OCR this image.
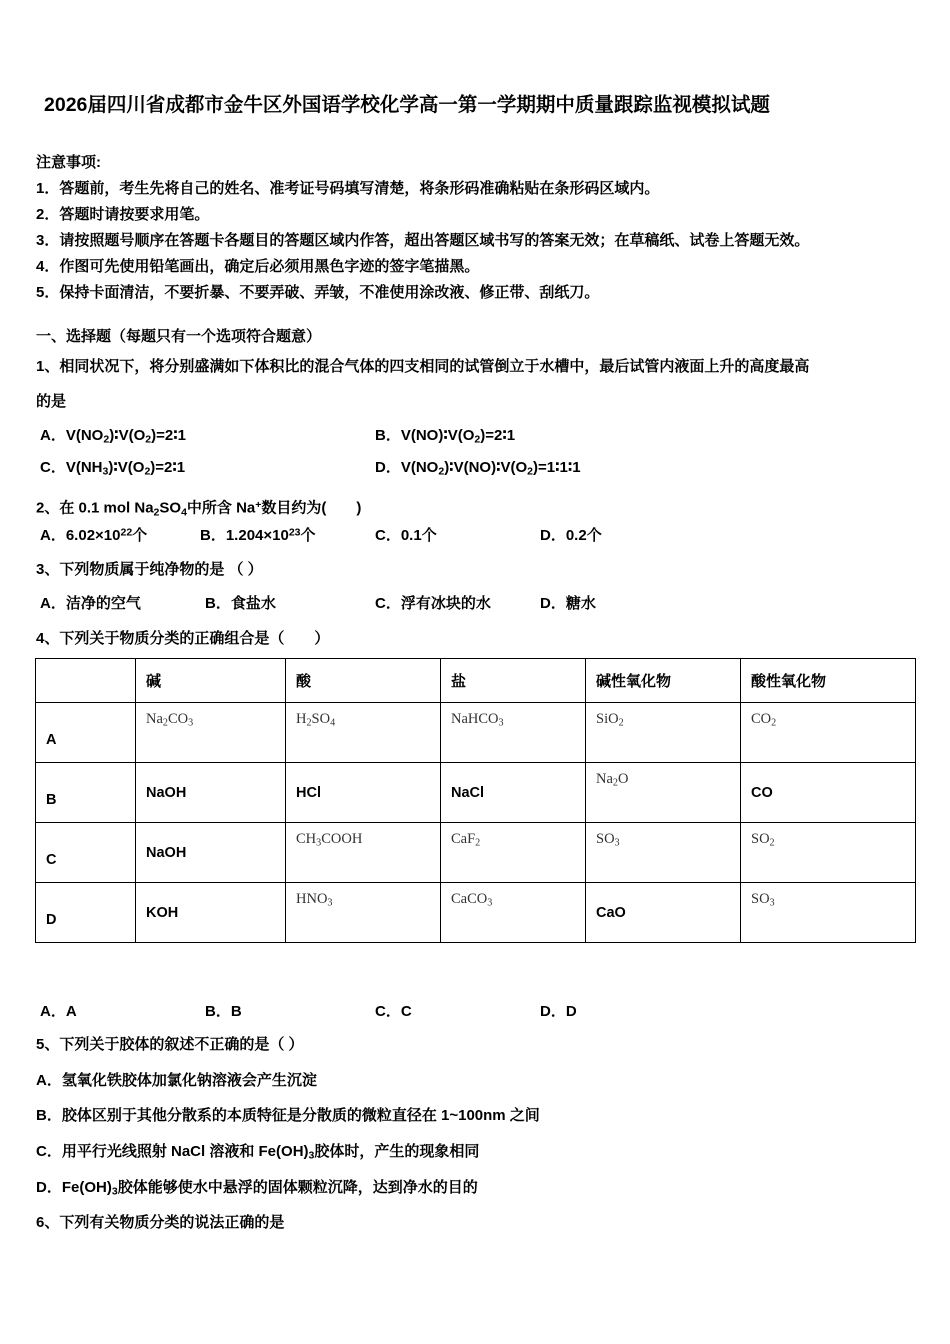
2026届四川省成都市金牛区外国语学校化学高一第一学期期中质量跟踪监视模拟试题
注意事项:
1．答题前，考生先将自己的姓名、准考证号码填写清楚，将条形码准确粘贴在条形码区域内。
2．答题时请按要求用笔。
3．请按照题号顺序在答题卡各题目的答题区域内作答，超出答题区域书写的答案无效；在草稿纸、试卷上答题无效。
4．作图可先使用铅笔画出，确定后必须用黑色字迹的签字笔描黑。
5．保持卡面清洁，不要折暴、不要弄破、弄皱，不准使用涂改液、修正带、刮纸刀。
一、选择题（每题只有一个选项符合题意）
1、相同状况下，将分别盛满如下体积比的混合气体的四支相同的试管倒立于水槽中，最后试管内液面上升的高度最高
的是
A．$V(NO_2)∶V(O_2)=2∶1$	B．$V(NO)∶V(O_2)=2∶1$
C．$V(NH_3)∶V(O_2)=2∶1$	D．$V(NO_2)∶V(NO)∶V(O_2)=1∶1∶1$
2、在 0.1 mol $Na_2SO_4$中所含 Na+数目约为(　　)
A．$6.02\times 10^{22}$个	B．$1.204\times 10^{23}$个	C．0.1个	D．0.2个
3、下列物质属于纯净物的是 （ ）
A．洁净的空气	B．食盐水	C．浮有冰块的水	D．糖水
4、下列关于物质分类的正确组合是（　　）
	碱	酸	盐	碱性氧化物	酸性氧化物
A	$Na_2CO_3$	$H_2SO_4$	NaHCO$_3$	SiO$_2$	$CO_2$
B	NaOH	HCl	NaCl	$Na_2O$	CO
C	NaOH	$CH_3COOH$	CaF$_2$	$SO_3$	$SO_2$
D	KOH	$HNO_3$	CaCO$_3$	CaO	$SO_3$
A．A	B．B	C．C	D．D
5、下列关于胶体的叙述不正确的是（ ）
A．氢氧化铁胶体加氯化钠溶液会产生沉淀
B．胶体区别于其他分散系的本质特征是分散质的微粒直径在 1~100nm 之间
C．用平行光线照射 NaCl 溶液和 $Fe(OH)_3$胶体时，产生的现象相同
D．$Fe(OH)_3$胶体能够使水中悬浮的固体颗粒沉降，达到净水的目的
6、下列有关物质分类的说法正确的是
